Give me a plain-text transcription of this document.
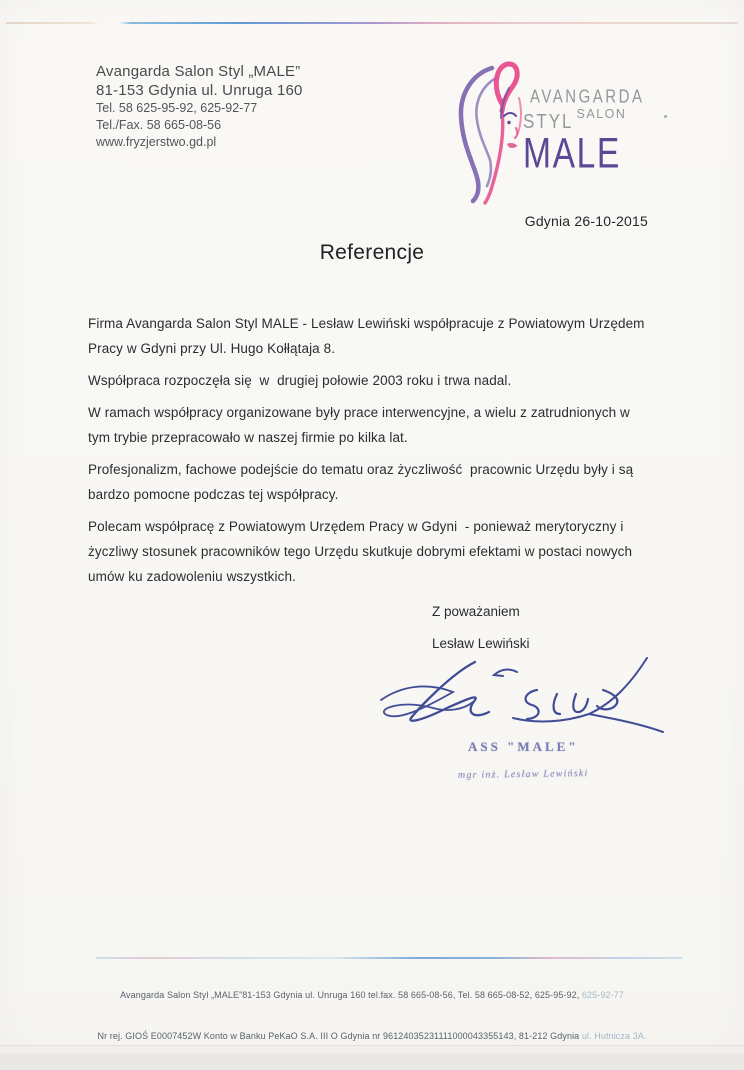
Avangarda Salon Styl „MALE”
81-153 Gdynia ul. Unruga 160
Tel. 58 625-95-92, 625-92-77
Tel./Fax. 58 665-08-56
www.fryzjerstwo.gd.pl
AVANGARDA
STYL SALON
MALE
Gdynia 26-10-2015
Referencje
Firma Avangarda Salon Styl MALE - Lesław Lewiński współpracuje z Powiatowym Urzędem
Pracy w Gdyni przy Ul. Hugo Kołłątaja 8.
Współpraca rozpoczęła się  w  drugiej połowie 2003 roku i trwa nadal.
W ramach współpracy organizowane były prace interwencyjne, a wielu z zatrudnionych w
tym trybie przepracowało w naszej firmie po kilka lat.
Profesjonalizm, fachowe podejście do tematu oraz życzliwość  pracownic Urzędu były i są
bardzo pomocne podczas tej współpracy.
Polecam współpracę z Powiatowym Urzędem Pracy w Gdyni  - ponieważ merytoryczny i
życzliwy stosunek pracowników tego Urzędu skutkuje dobrymi efektami w postaci nowych
umów ku zadowoleniu wszystkich.
Z poważaniem
Lesław Lewiński
ASS "MALE"
mgr inż. Lesław Lewiński

Avangarda Salon Styl „MALE”81-153 Gdynia ul. Unruga 160 tel.fax. 58 665-08-56, Tel. 58 665-08-52, 625-95-92, 625-92-77

Nr rej. GIOŚ E0007452W Konto w Banku PeKaO S.A. III O Gdynia nr 96124035231111000043355143, 81-212 Gdynia ul. Hutnicza 3A.
